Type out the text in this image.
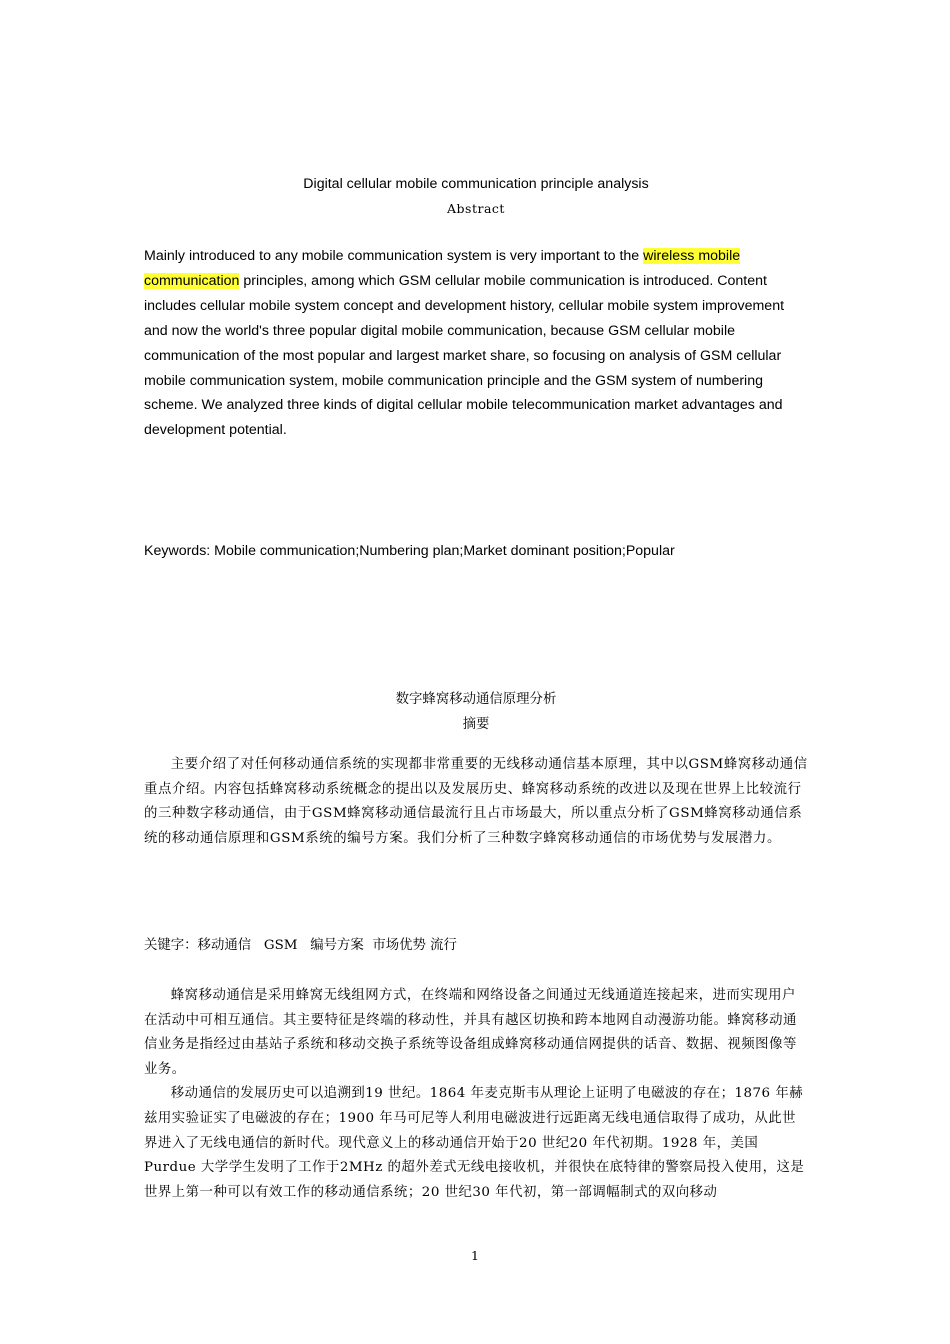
Digital cellular mobile communication principle analysis
Abstract
Mainly introduced to any mobile communication system is very important to the wireless mobile communication principles, among which GSM cellular mobile communication is introduced. Content includes cellular mobile system concept and development history, cellular mobile system improvement and now the world's three popular digital mobile communication, because GSM cellular mobile communication of the most popular and largest market share, so focusing on analysis of GSM cellular mobile communication system, mobile communication principle and the GSM system of numbering scheme. We analyzed three kinds of digital cellular mobile telecommunication market advantages and development potential.
Keywords: Mobile communication;Numbering plan;Market dominant position;Popular
数字蜂窝移动通信原理分析
摘要
主要介绍了对任何移动通信系统的实现都非常重要的无线移动通信基本原理，其中以GSM蜂窝移动通信重点介绍。内容包括蜂窝移动系统概念的提出以及发展历史、蜂窝移动系统的改进以及现在世界上比较流行的三种数字移动通信，由于GSM蜂窝移动通信最流行且占市场最大，所以重点分析了GSM蜂窝移动通信系统的移动通信原理和GSM系统的编号方案。我们分析了三种数字蜂窝移动通信的市场优势与发展潜力。
关键字：移动通信   GSM   编号方案  市场优势 流行

蜂窝移动通信是采用蜂窝无线组网方式，在终端和网络设备之间通过无线通道连接起来，进而实现用户在活动中可相互通信。其主要特征是终端的移动性，并具有越区切换和跨本地网自动漫游功能。蜂窝移动通信业务是指经过由基站子系统和移动交换子系统等设备组成蜂窝移动通信网提供的话音、数据、视频图像等业务。

移动通信的发展历史可以追溯到19 世纪。1864 年麦克斯韦从理论上证明了电磁波的存在；1876 年赫兹用实验证实了电磁波的存在；1900 年马可尼等人利用电磁波进行远距离无线电通信取得了成功，从此世界进入了无线电通信的新时代。现代意义上的移动通信开始于20 世纪20 年代初期。1928 年，美国Purdue 大学学生发明了工作于2MHz 的超外差式无线电接收机，并很快在底特律的警察局投入使用，这是世界上第一种可以有效工作的移动通信系统；20 世纪30 年代初，第一部调幅制式的双向移动

1
